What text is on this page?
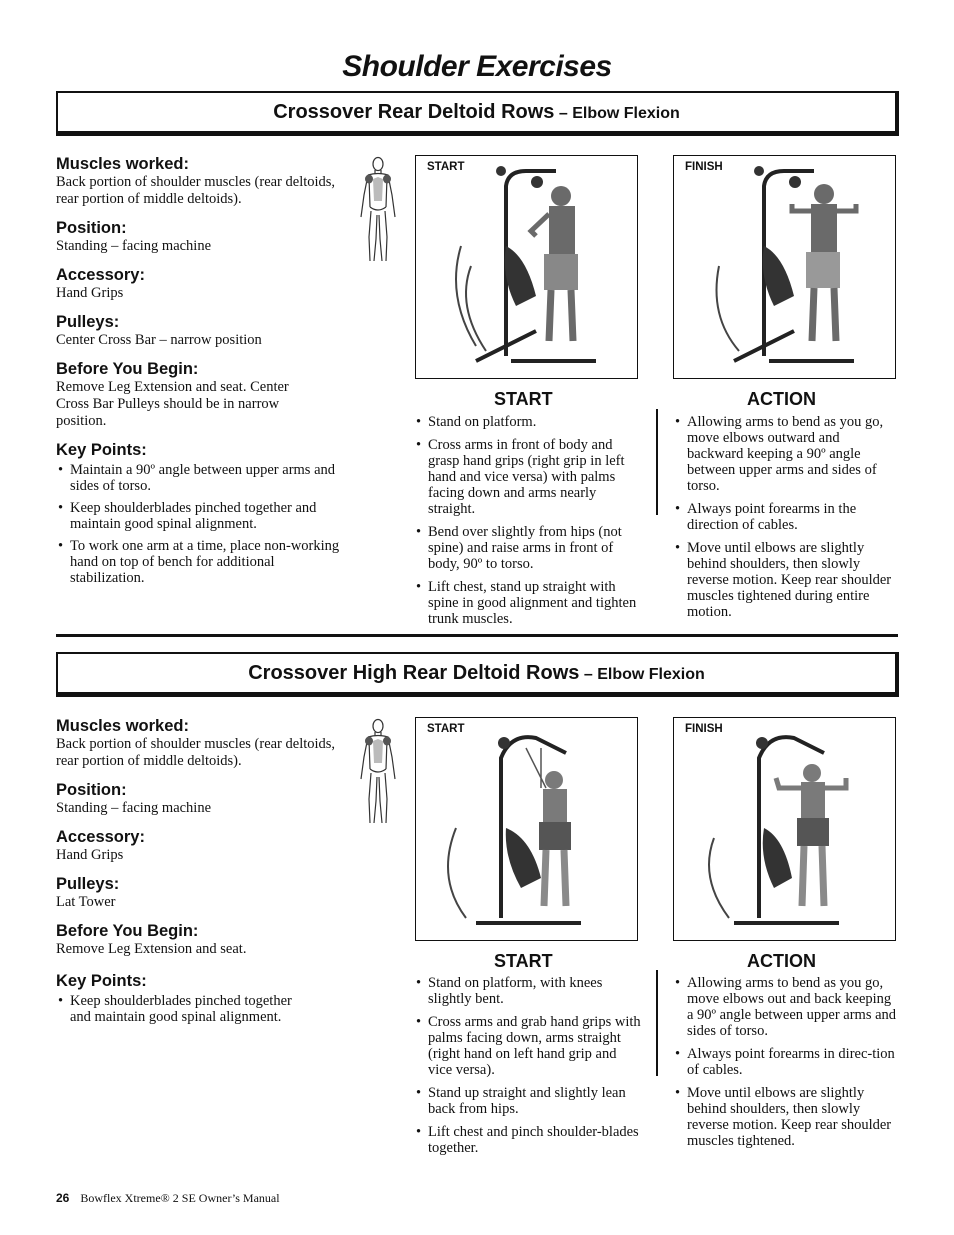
Shoulder Exercises
Crossover Rear Deltoid Rows – Elbow Flexion

Muscles worked:

Back portion of shoulder muscles (rear deltoids, rear portion of middle deltoids).

Position:

Standing – facing machine

Accessory:

Hand Grips

Pulleys:

Center Cross Bar – narrow position

Before You Begin:

Remove Leg Extension and seat. Center Cross Bar Pulleys should be in narrow position.

Key Points:

• Maintain a 90º angle between upper arms and sides of torso.
• Keep shoulderblades pinched together and maintain good spinal alignment.
• To work one arm at a time, place non-working hand on top of bench for additional stabilization.
START	FINISH
START
• Stand on platform.
• Cross arms in front of body and grasp hand grips (right grip in left hand and vice versa) with palms facing down and arms nearly straight.
• Bend over slightly from hips (not spine) and raise arms in front of body, 90º to torso.
• Lift chest, stand up straight with spine in good alignment and tighten trunk muscles.
ACTION
• Allowing arms to bend as you go, move elbows outward and backward keeping a 90º angle between upper arms and sides of torso.
• Always point forearms in the direction of cables.
• Move until elbows are slightly behind shoulders, then slowly reverse motion. Keep rear shoulder muscles tightened during entire motion.
Crossover High Rear Deltoid Rows – Elbow Flexion

Muscles worked:

Back portion of shoulder muscles (rear deltoids, rear portion of middle deltoids).

Position:

Standing – facing machine

Accessory:

Hand Grips

Pulleys:

Lat Tower

Before You Begin:

Remove Leg Extension and seat.

Key Points:

• Keep shoulderblades pinched together and maintain good spinal alignment.
START	FINISH
START
• Stand on platform, with knees slightly bent.
• Cross arms and grab hand grips with palms facing down, arms straight (right hand on left hand grip and vice versa).
• Stand up straight and slightly lean back from hips.
• Lift chest and pinch shoulder-blades together.
ACTION
• Allowing arms to bend as you go, move elbows out and back keeping a 90º angle between upper arms and sides of torso.
• Always point forearms in direc-tion of cables.
• Move until elbows are slightly behind shoulders, then slowly reverse motion. Keep rear shoulder muscles tightened.
26 Bowflex Xtreme® 2 SE Owner’s Manual
